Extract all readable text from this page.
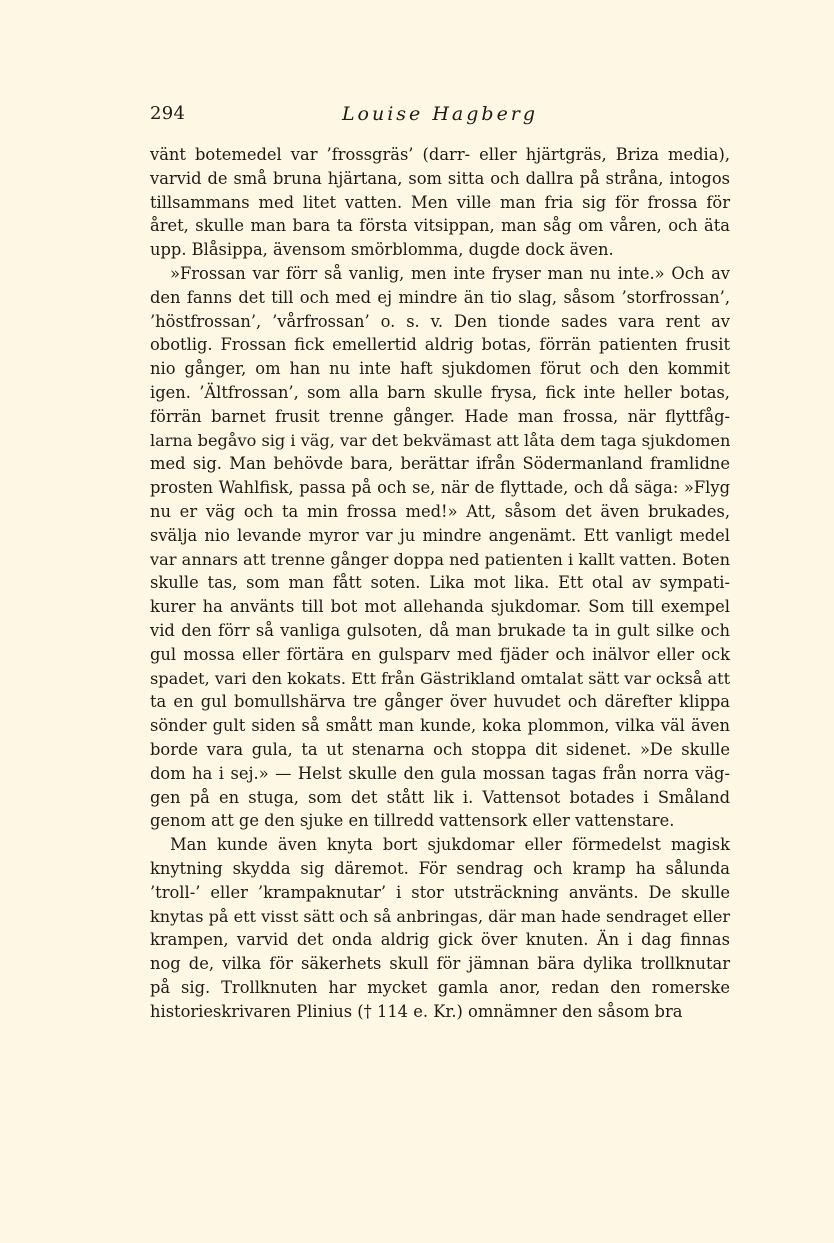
294	Louise Hagberg
vänt botemedel var ’frossgräs’ (darr- eller hjärtgräs, Briza media),
varvid de små bruna hjärtana, som sitta och dallra på stråna, intogos
tillsammans med litet vatten. Men ville man fria sig för frossa för
året, skulle man bara ta första vitsippan, man såg om våren, och äta
upp. Blåsippa, ävensom smörblomma, dugde dock även.
»Frossan var förr så vanlig, men inte fryser man nu inte.» Och av
den fanns det till och med ej mindre än tio slag, såsom ’storfrossan’,
’höstfrossan’, ’vårfrossan’ o. s. v. Den tionde sades vara rent av
obotlig. Frossan fick emellertid aldrig botas, förrän patienten frusit
nio gånger, om han nu inte haft sjukdomen förut och den kommit
igen. ’Ältfrossan’, som alla barn skulle frysa, fick inte heller botas,
förrän barnet frusit trenne gånger. Hade man frossa, när flyttfåg-
larna begåvo sig i väg, var det bekvämast att låta dem taga sjukdomen
med sig. Man behövde bara, berättar ifrån Södermanland framlidne
prosten Wahlfisk, passa på och se, när de flyttade, och då säga: »Flyg
nu er väg och ta min frossa med!» Att, såsom det även brukades,
svälja nio levande myror var ju mindre angenämt. Ett vanligt medel
var annars att trenne gånger doppa ned patienten i kallt vatten. Boten
skulle tas, som man fått soten. Lika mot lika. Ett otal av sympati-
kurer ha använts till bot mot allehanda sjukdomar. Som till exempel
vid den förr så vanliga gulsoten, då man brukade ta in gult silke och
gul mossa eller förtära en gulsparv med fjäder och inälvor eller ock
spadet, vari den kokats. Ett från Gästrikland omtalat sätt var också att
ta en gul bomullshärva tre gånger över huvudet och därefter klippa
sönder gult siden så smått man kunde, koka plommon, vilka väl även
borde vara gula, ta ut stenarna och stoppa dit sidenet. »De skulle
dom ha i sej.» — Helst skulle den gula mossan tagas från norra väg-
gen på en stuga, som det stått lik i. Vattensot botades i Småland
genom att ge den sjuke en tillredd vattensork eller vattenstare.
Man kunde även knyta bort sjukdomar eller förmedelst magisk
knytning skydda sig däremot. För sendrag och kramp ha sålunda
’troll-’ eller ’krampaknutar’ i stor utsträckning använts. De skulle
knytas på ett visst sätt och så anbringas, där man hade sendraget eller
krampen, varvid det onda aldrig gick över knuten. Än i dag finnas
nog de, vilka för säkerhets skull för jämnan bära dylika trollknutar
på sig. Trollknuten har mycket gamla anor, redan den romerske
historieskrivaren Plinius († 114 e. Kr.) omnämner den såsom bra
